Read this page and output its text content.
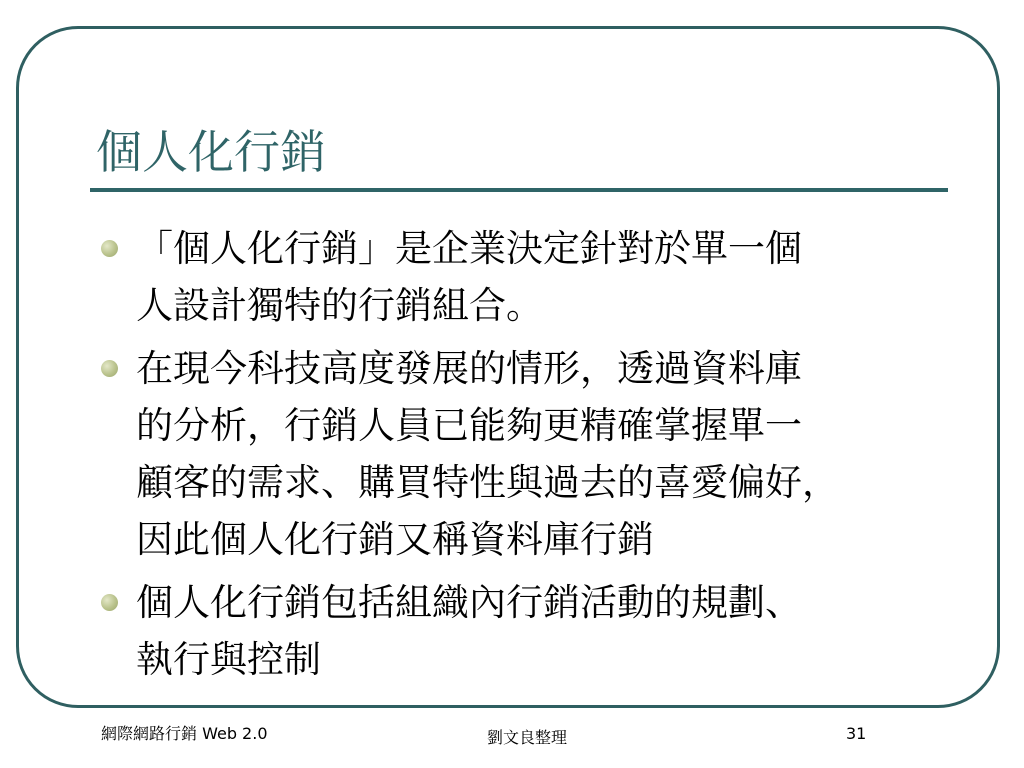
個人化行銷
「個人化行銷」是企業決定針對於單一個
人設計獨特的行銷組合。
在現今科技高度發展的情形，透過資料庫
的分析，行銷人員已能夠更精確掌握單一
顧客的需求、購買特性與過去的喜愛偏好，
因此個人化行銷又稱資料庫行銷
個人化行銷包括組織內行銷活動的規劃、
執行與控制
網際網路行銷 Web 2.0	劉文良整理	31
